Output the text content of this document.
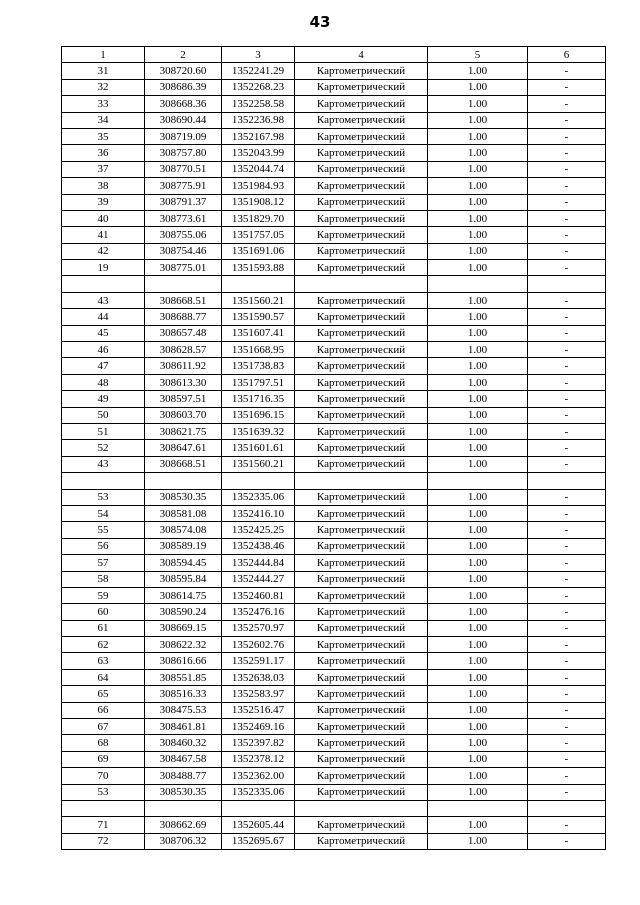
43
1	2	3	4	5	6
31	308720.60	1352241.29	Картометрический	1.00	-
32	308686.39	1352268.23	Картометрический	1.00	-
33	308668.36	1352258.58	Картометрический	1.00	-
34	308690.44	1352236.98	Картометрический	1.00	-
35	308719.09	1352167.98	Картометрический	1.00	-
36	308757.80	1352043.99	Картометрический	1.00	-
37	308770.51	1352044.74	Картометрический	1.00	-
38	308775.91	1351984.93	Картометрический	1.00	-
39	308791.37	1351908.12	Картометрический	1.00	-
40	308773.61	1351829.70	Картометрический	1.00	-
41	308755.06	1351757.05	Картометрический	1.00	-
42	308754.46	1351691.06	Картометрический	1.00	-
19	308775.01	1351593.88	Картометрический	1.00	-

43	308668.51	1351560.21	Картометрический	1.00	-
44	308688.77	1351590.57	Картометрический	1.00	-
45	308657.48	1351607.41	Картометрический	1.00	-
46	308628.57	1351668.95	Картометрический	1.00	-
47	308611.92	1351738.83	Картометрический	1.00	-
48	308613.30	1351797.51	Картометрический	1.00	-
49	308597.51	1351716.35	Картометрический	1.00	-
50	308603.70	1351696.15	Картометрический	1.00	-
51	308621.75	1351639.32	Картометрический	1.00	-
52	308647.61	1351601.61	Картометрический	1.00	-
43	308668.51	1351560.21	Картометрический	1.00	-

53	308530.35	1352335.06	Картометрический	1.00	-
54	308581.08	1352416.10	Картометрический	1.00	-
55	308574.08	1352425.25	Картометрический	1.00	-
56	308589.19	1352438.46	Картометрический	1.00	-
57	308594.45	1352444.84	Картометрический	1.00	-
58	308595.84	1352444.27	Картометрический	1.00	-
59	308614.75	1352460.81	Картометрический	1.00	-
60	308590.24	1352476.16	Картометрический	1.00	-
61	308669.15	1352570.97	Картометрический	1.00	-
62	308622.32	1352602.76	Картометрический	1.00	-
63	308616.66	1352591.17	Картометрический	1.00	-
64	308551.85	1352638.03	Картометрический	1.00	-
65	308516.33	1352583.97	Картометрический	1.00	-
66	308475.53	1352516.47	Картометрический	1.00	-
67	308461.81	1352469.16	Картометрический	1.00	-
68	308460.32	1352397.82	Картометрический	1.00	-
69	308467.58	1352378.12	Картометрический	1.00	-
70	308488.77	1352362.00	Картометрический	1.00	-
53	308530.35	1352335.06	Картометрический	1.00	-

71	308662.69	1352605.44	Картометрический	1.00	-
72	308706.32	1352695.67	Картометрический	1.00	-
